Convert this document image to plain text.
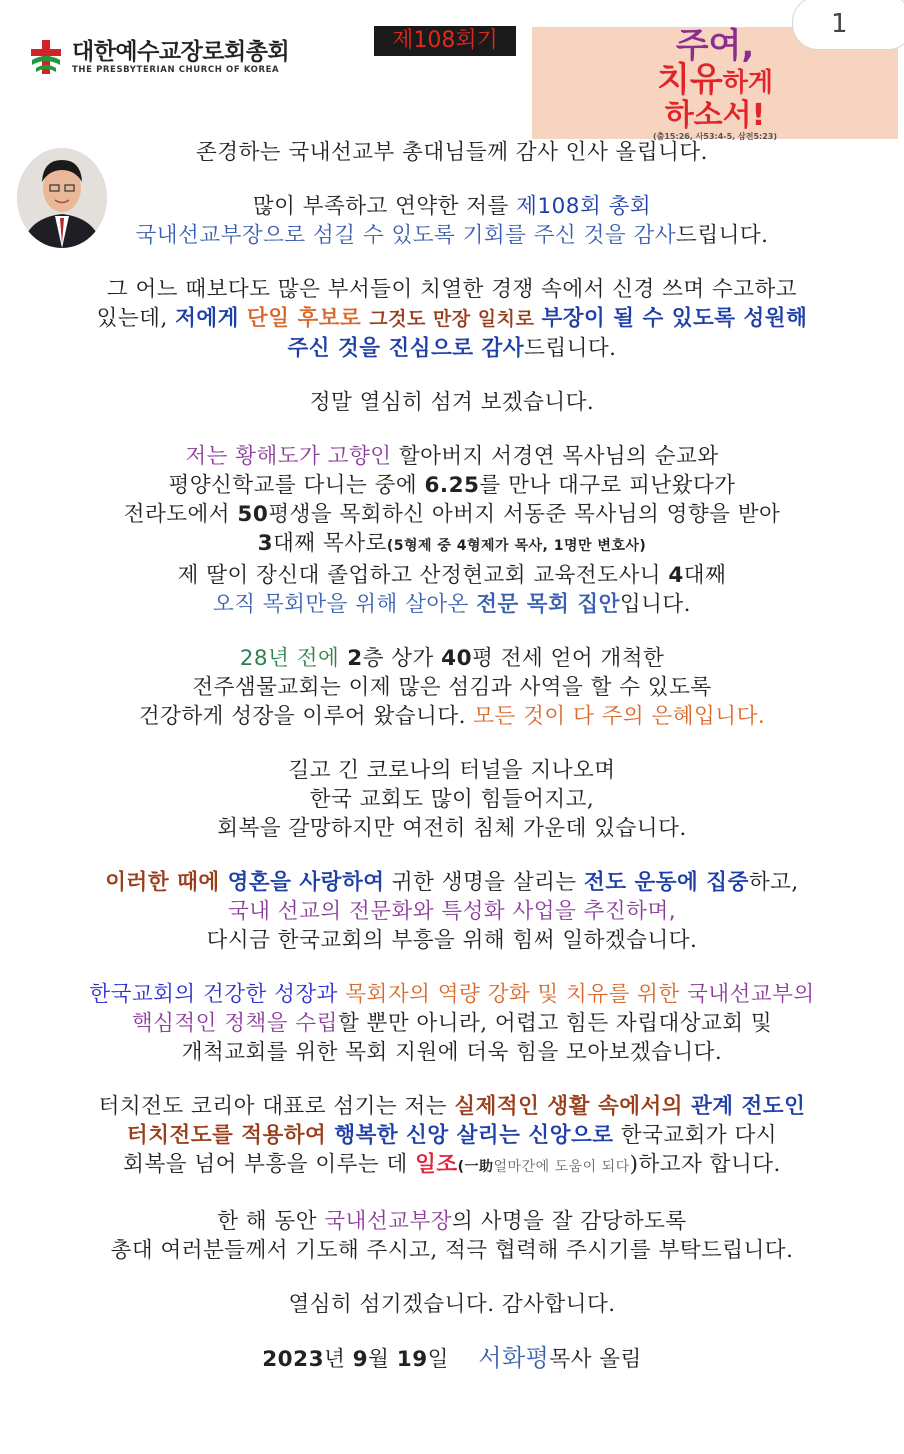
대한예수교장로회총회
THE PRESBYTERIAN CHURCH OF KOREA
제108회기	주여,
치유하게
하소서!
(출15:26, 사53:4-5, 삼전5:23)
1
존경하는 국내선교부 총대님들께 감사 인사 올립니다.
많이 부족하고 연약한 저를 제108회 총회
국내선교부장으로 섬길 수 있도록 기회를 주신 것을 감사드립니다.
그 어느 때보다도 많은 부서들이 치열한 경쟁 속에서 신경 쓰며 수고하고
있는데, 저에게 단일 후보로 그것도 만장 일치로 부장이 될 수 있도록 성원해
주신 것을 진심으로 감사드립니다.
정말 열심히 섬겨 보겠습니다.
저는 황해도가 고향인 할아버지 서경연 목사님의 순교와
평양신학교를 다니는 중에 6.25를 만나 대구로 피난왔다가
전라도에서 50평생을 목회하신 아버지 서동준 목사님의 영향을 받아
3대째 목사로(5형제 중 4형제가 목사, 1명만 변호사)
제 딸이 장신대 졸업하고 산정현교회 교육전도사니 4대째
오직 목회만을 위해 살아온 전문 목회 집안입니다.
28년 전에 2층 상가 40평 전세 얻어 개척한
전주샘물교회는 이제 많은 섬김과 사역을 할 수 있도록
건강하게 성장을 이루어 왔습니다. 모든 것이 다 주의 은혜입니다.
길고 긴 코로나의 터널을 지나오며
한국 교회도 많이 힘들어지고,
회복을 갈망하지만 여전히 침체 가운데 있습니다.
이러한 때에 영혼을 사랑하여 귀한 생명을 살리는 전도 운동에 집중하고,
국내 선교의 전문화와 특성화 사업을 추진하며,
다시금 한국교회의 부흥을 위해 힘써 일하겠습니다.
한국교회의 건강한 성장과 목회자의 역량 강화 및 치유를 위한 국내선교부의
핵심적인 정책을 수립할 뿐만 아니라, 어렵고 힘든 자립대상교회 및
개척교회를 위한 목회 지원에 더욱 힘을 모아보겠습니다.
터치전도 코리아 대표로 섬기는 저는 실제적인 생활 속에서의 관계 전도인
터치전도를 적용하여 행복한 신앙 살리는 신앙으로 한국교회가 다시
회복을 넘어 부흥을 이루는 데 일조(一助얼마간에 도움이 되다)하고자 합니다.
한 해 동안 국내선교부장의 사명을 잘 감당하도록
총대 여러분들께서 기도해 주시고, 적극 협력해 주시기를 부탁드립니다.
열심히 섬기겠습니다. 감사합니다.
2023년 9월 19일 서화평목사 올림
